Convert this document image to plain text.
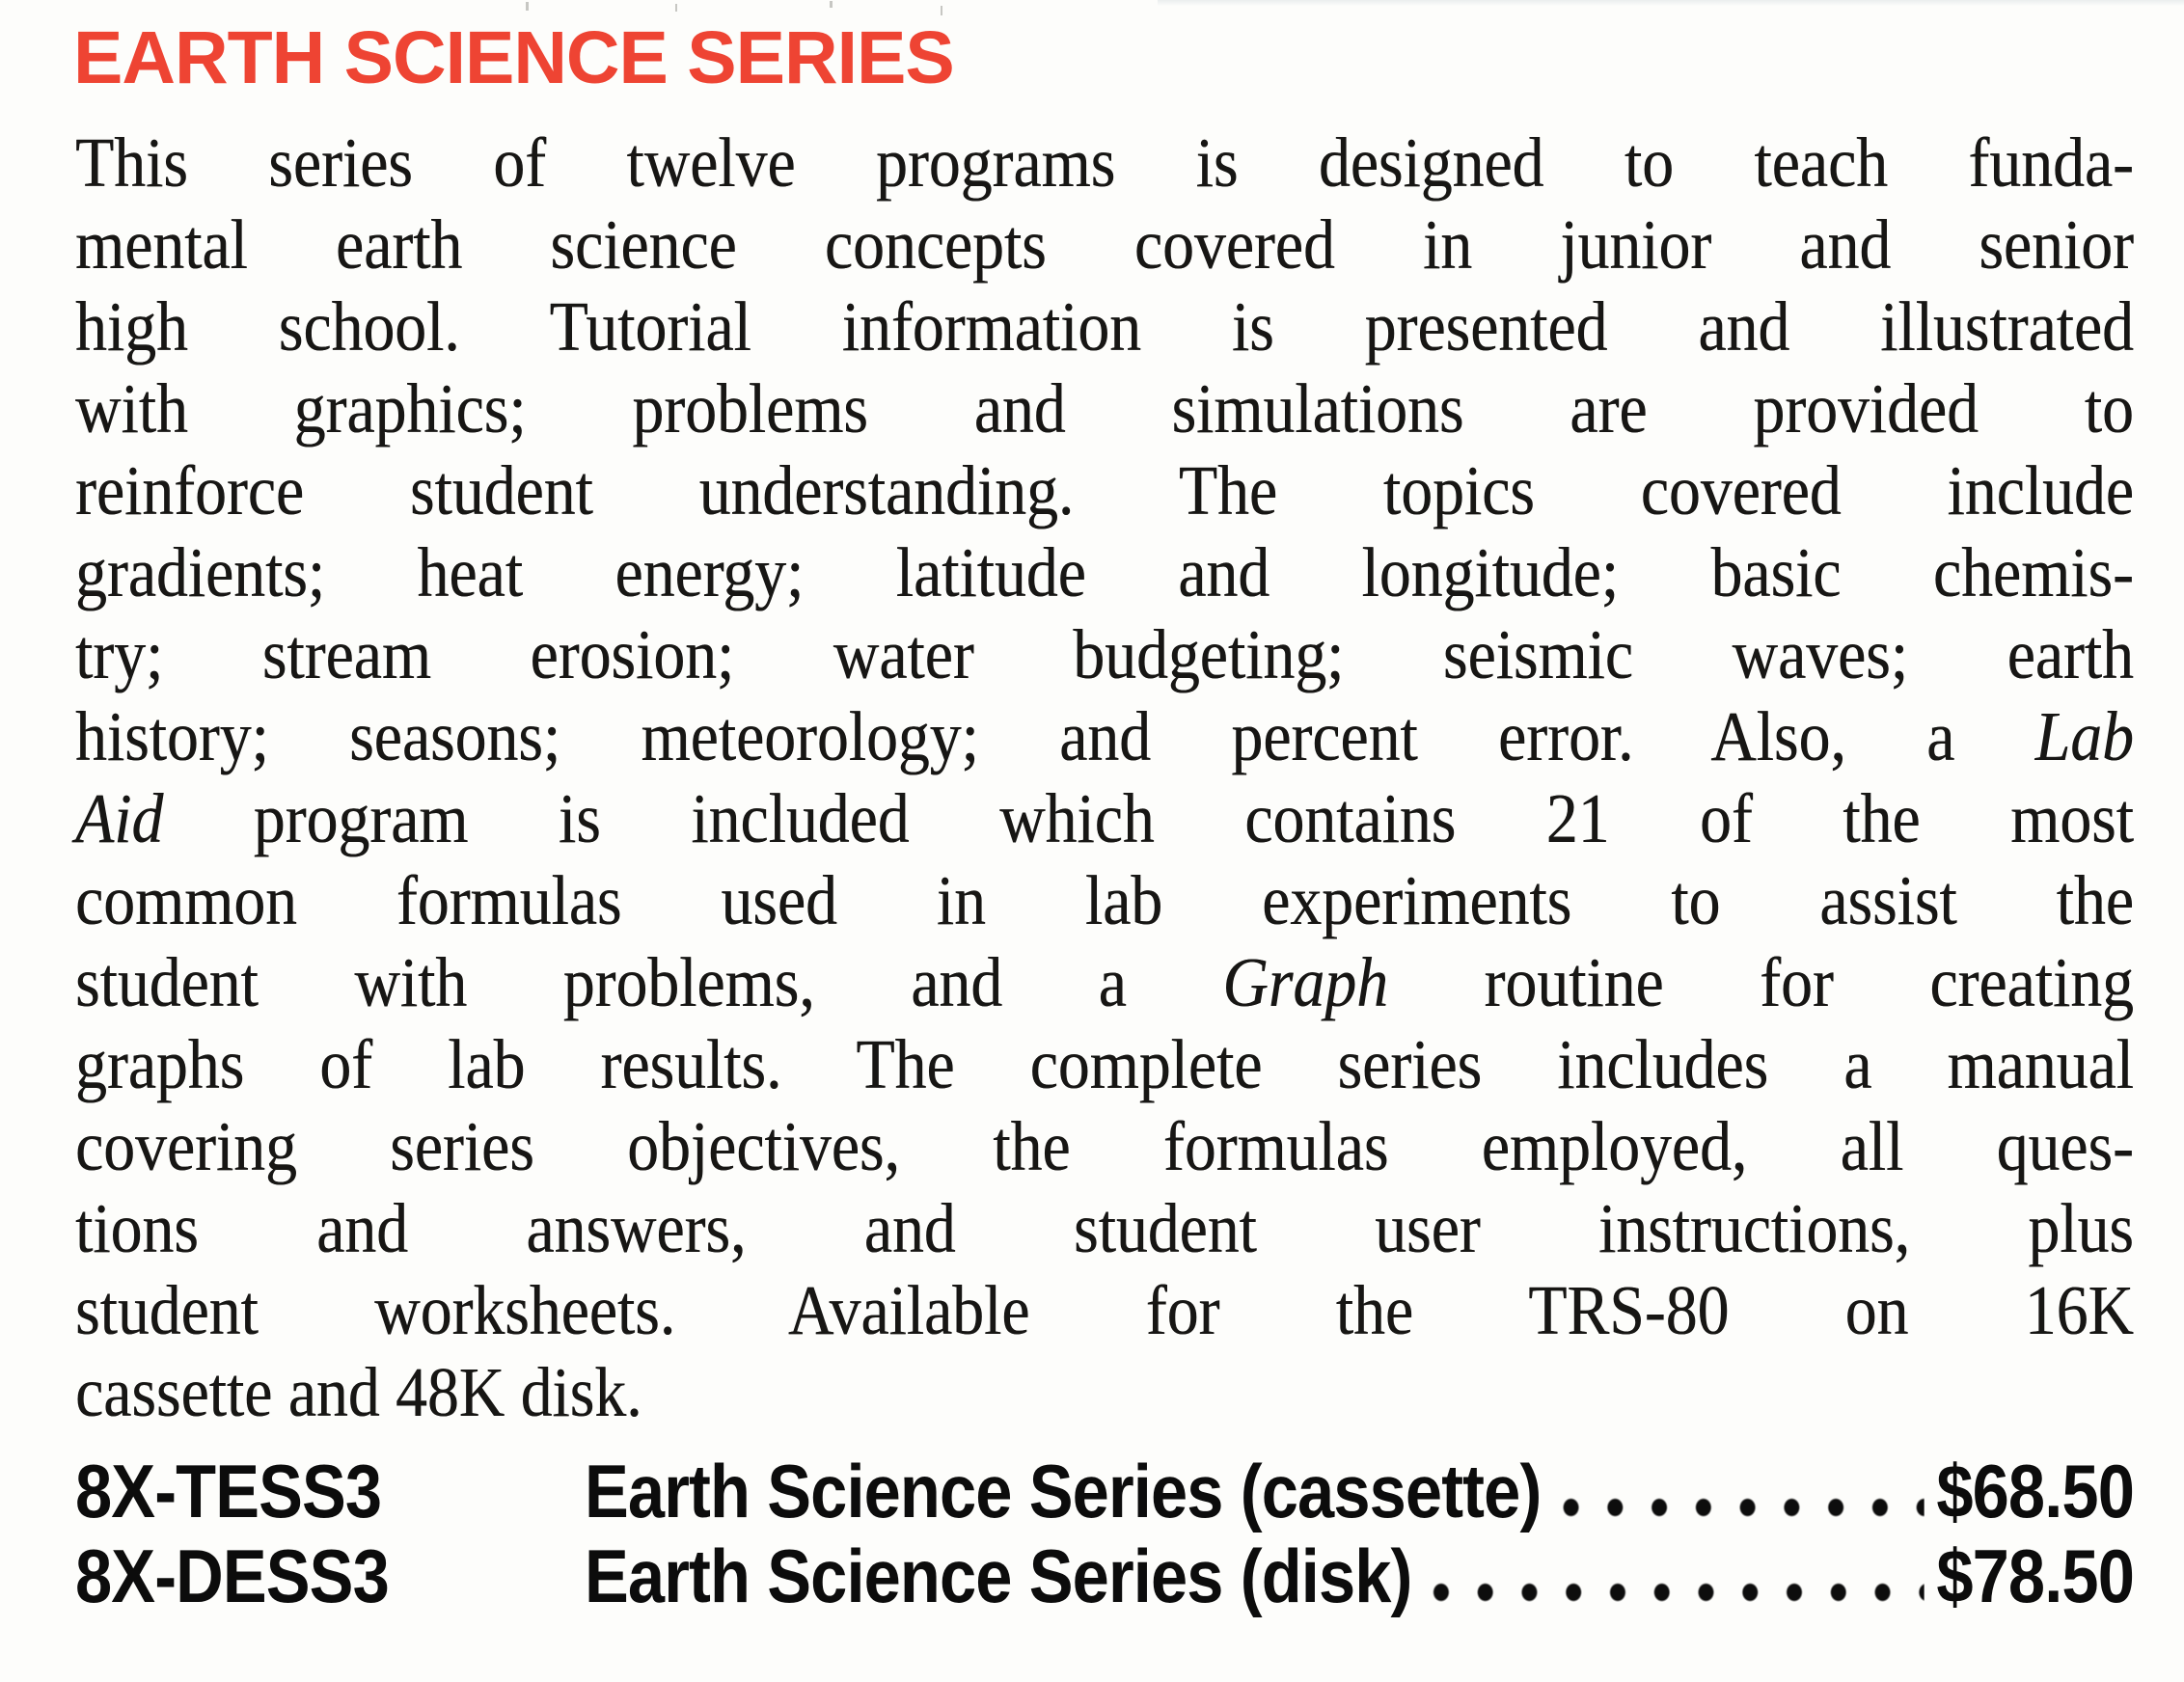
EARTH SCIENCE SERIES
This series of twelve programs is designed to teach funda-
mental earth science concepts covered in junior and senior
high school. Tutorial information is presented and illustrated
with graphics; problems and simulations are provided to
reinforce student understanding. The topics covered include
gradients; heat energy; latitude and longitude; basic chemis-
try; stream erosion; water budgeting; seismic waves; earth
history; seasons; meteorology; and percent error. Also, a Lab
Aid program is included which contains 21 of the most
common formulas used in lab experiments to assist the
student with problems, and a Graph routine for creating
graphs of lab results. The complete series includes a manual
covering series objectives, the formulas employed, all ques-
tions and answers, and student user instructions, plus
student worksheets. Available for the TRS-80 on 16K
cassette and 48K disk.
8X-TESS3	Earth Science Series (cassette)	$68.50
8X-DESS3	Earth Science Series (disk)	$78.50
